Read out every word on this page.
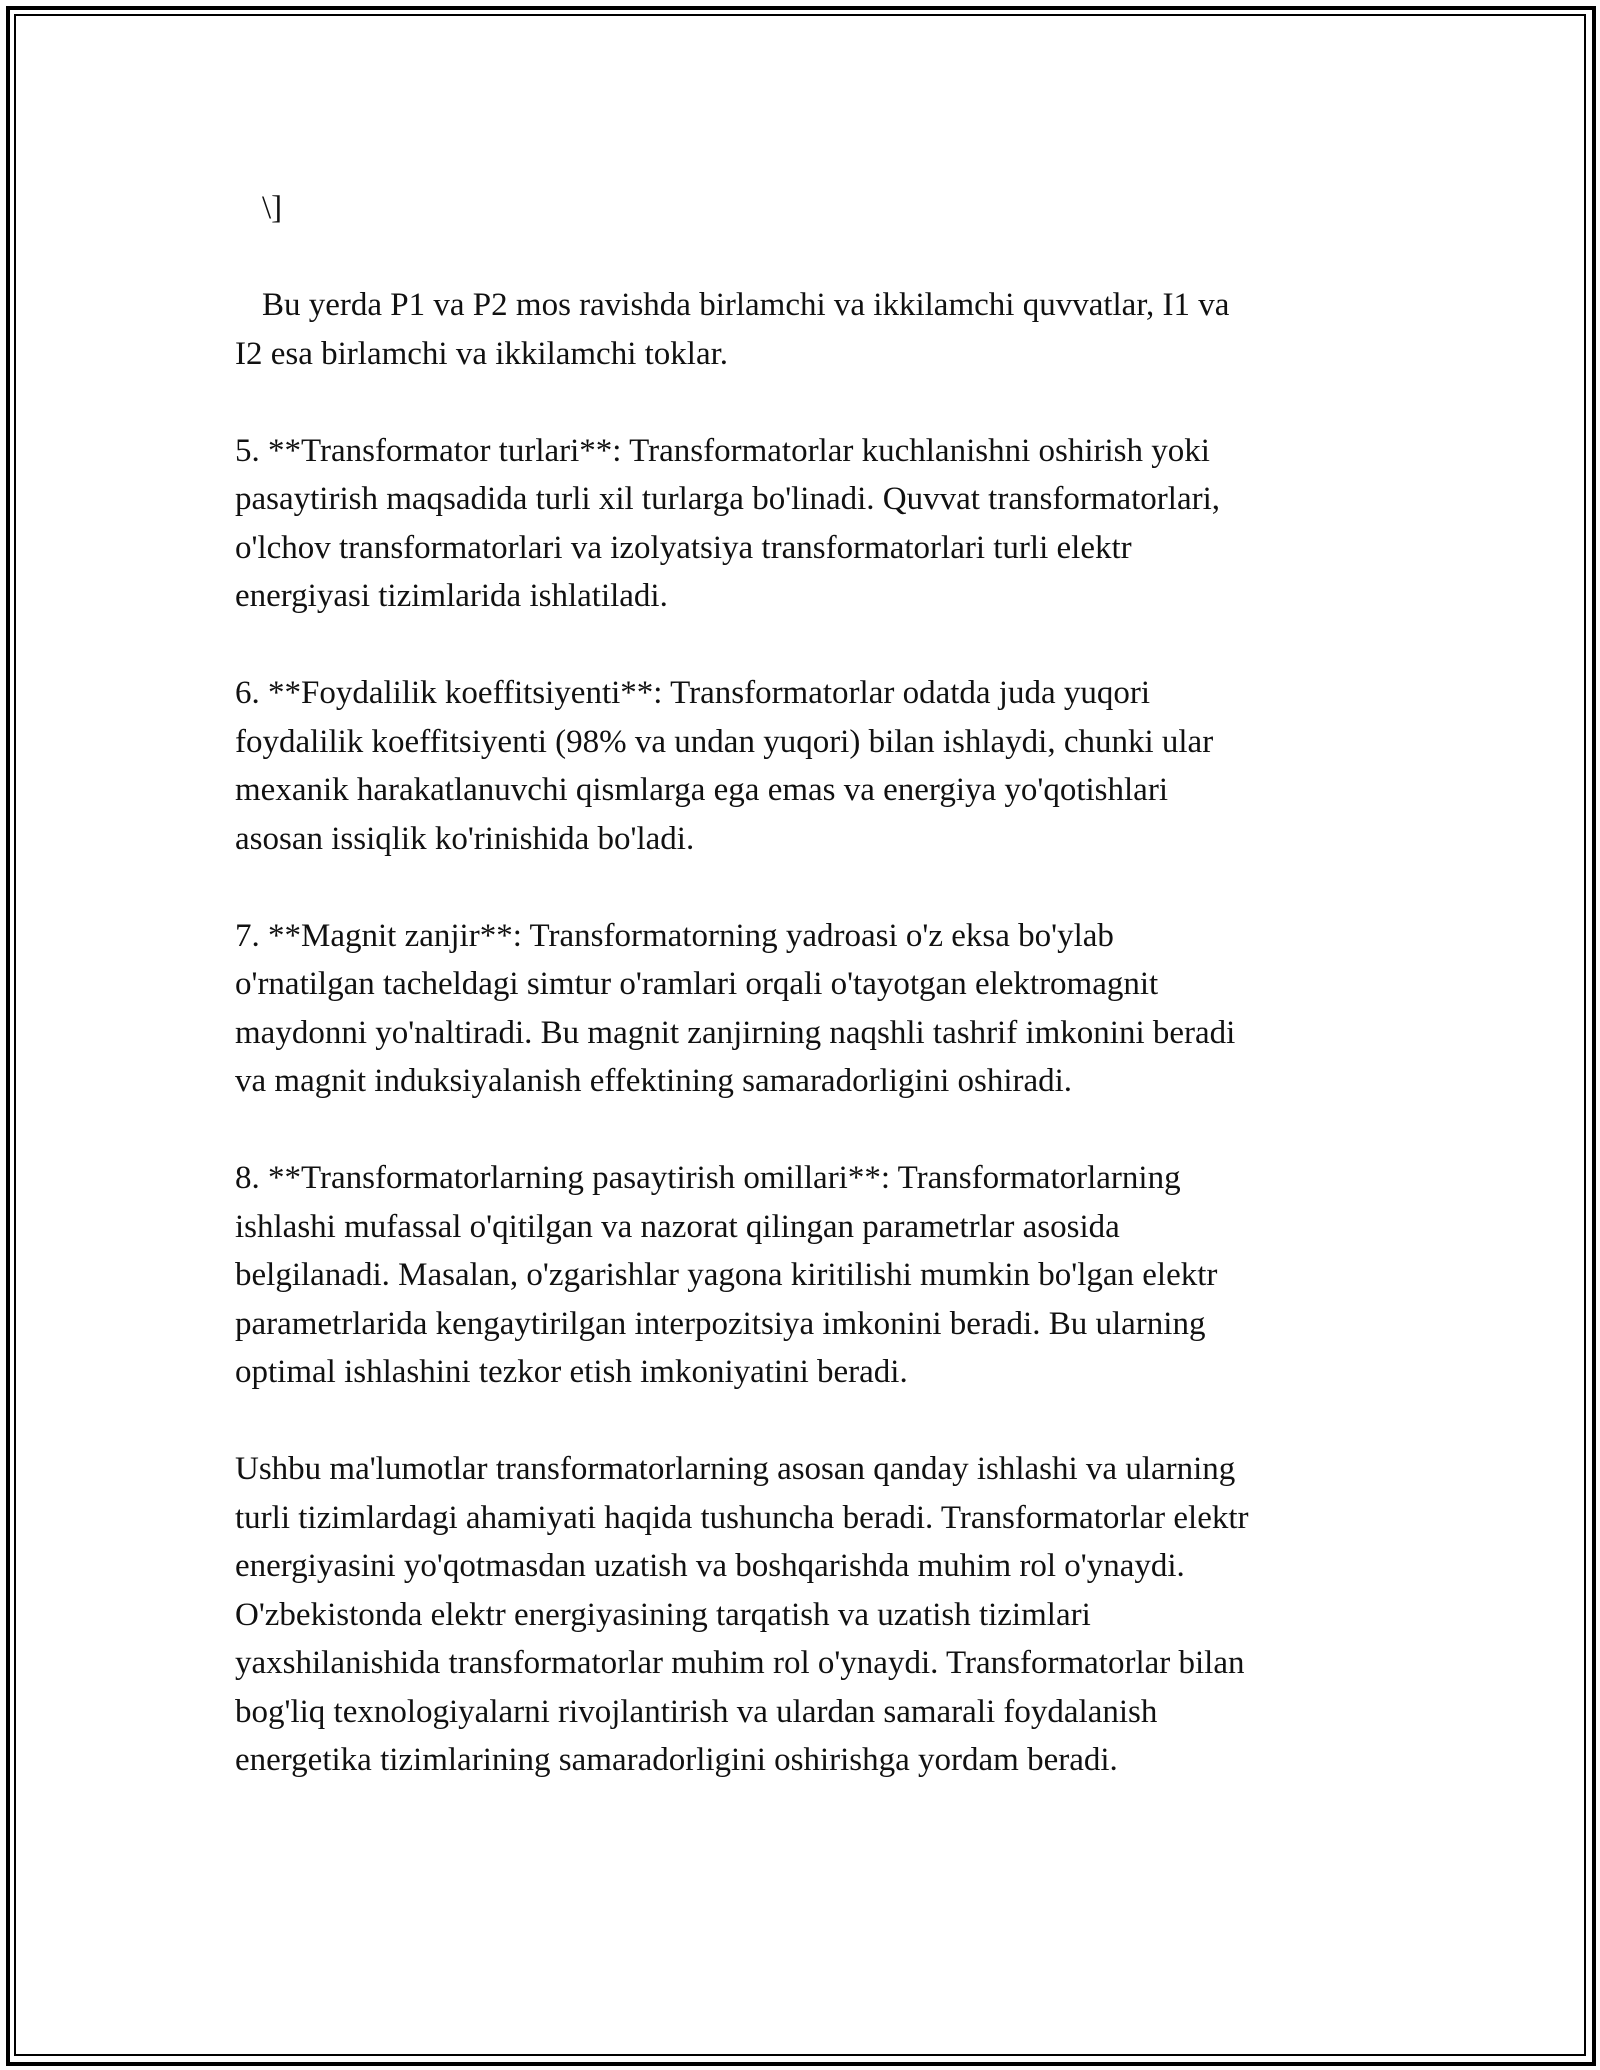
\]

Bu yerda P1 va P2 mos ravishda birlamchi va ikkilamchi quvvatlar, I1 va
I2 esa birlamchi va ikkilamchi toklar.

5. **Transformator turlari**: Transformatorlar kuchlanishni oshirish yoki
pasaytirish maqsadida turli xil turlarga bo'linadi. Quvvat transformatorlari,
o'lchov transformatorlari va izolyatsiya transformatorlari turli elektr
energiyasi tizimlarida ishlatiladi.

6. **Foydalilik koeffitsiyenti**: Transformatorlar odatda juda yuqori
foydalilik koeffitsiyenti (98% va undan yuqori) bilan ishlaydi, chunki ular
mexanik harakatlanuvchi qismlarga ega emas va energiya yo'qotishlari
asosan issiqlik ko'rinishida bo'ladi.

7. **Magnit zanjir**: Transformatorning yadroasi o'z eksa bo'ylab
o'rnatilgan tacheldagi simtur o'ramlari orqali o'tayotgan elektromagnit
maydonni yo'naltiradi. Bu magnit zanjirning naqshli tashrif imkonini beradi
va magnit induksiyalanish effektining samaradorligini oshiradi.

8. **Transformatorlarning pasaytirish omillari**: Transformatorlarning
ishlashi mufassal o'qitilgan va nazorat qilingan parametrlar asosida
belgilanadi. Masalan, o'zgarishlar yagona kiritilishi mumkin bo'lgan elektr
parametrlarida kengaytirilgan interpozitsiya imkonini beradi. Bu ularning
optimal ishlashini tezkor etish imkoniyatini beradi.

Ushbu ma'lumotlar transformatorlarning asosan qanday ishlashi va ularning
turli tizimlardagi ahamiyati haqida tushuncha beradi. Transformatorlar elektr
energiyasini yo'qotmasdan uzatish va boshqarishda muhim rol o'ynaydi.
O'zbekistonda elektr energiyasining tarqatish va uzatish tizimlari
yaxshilanishida transformatorlar muhim rol o'ynaydi. Transformatorlar bilan
bog'liq texnologiyalarni rivojlantirish va ulardan samarali foydalanish
energetika tizimlarining samaradorligini oshirishga yordam beradi.
